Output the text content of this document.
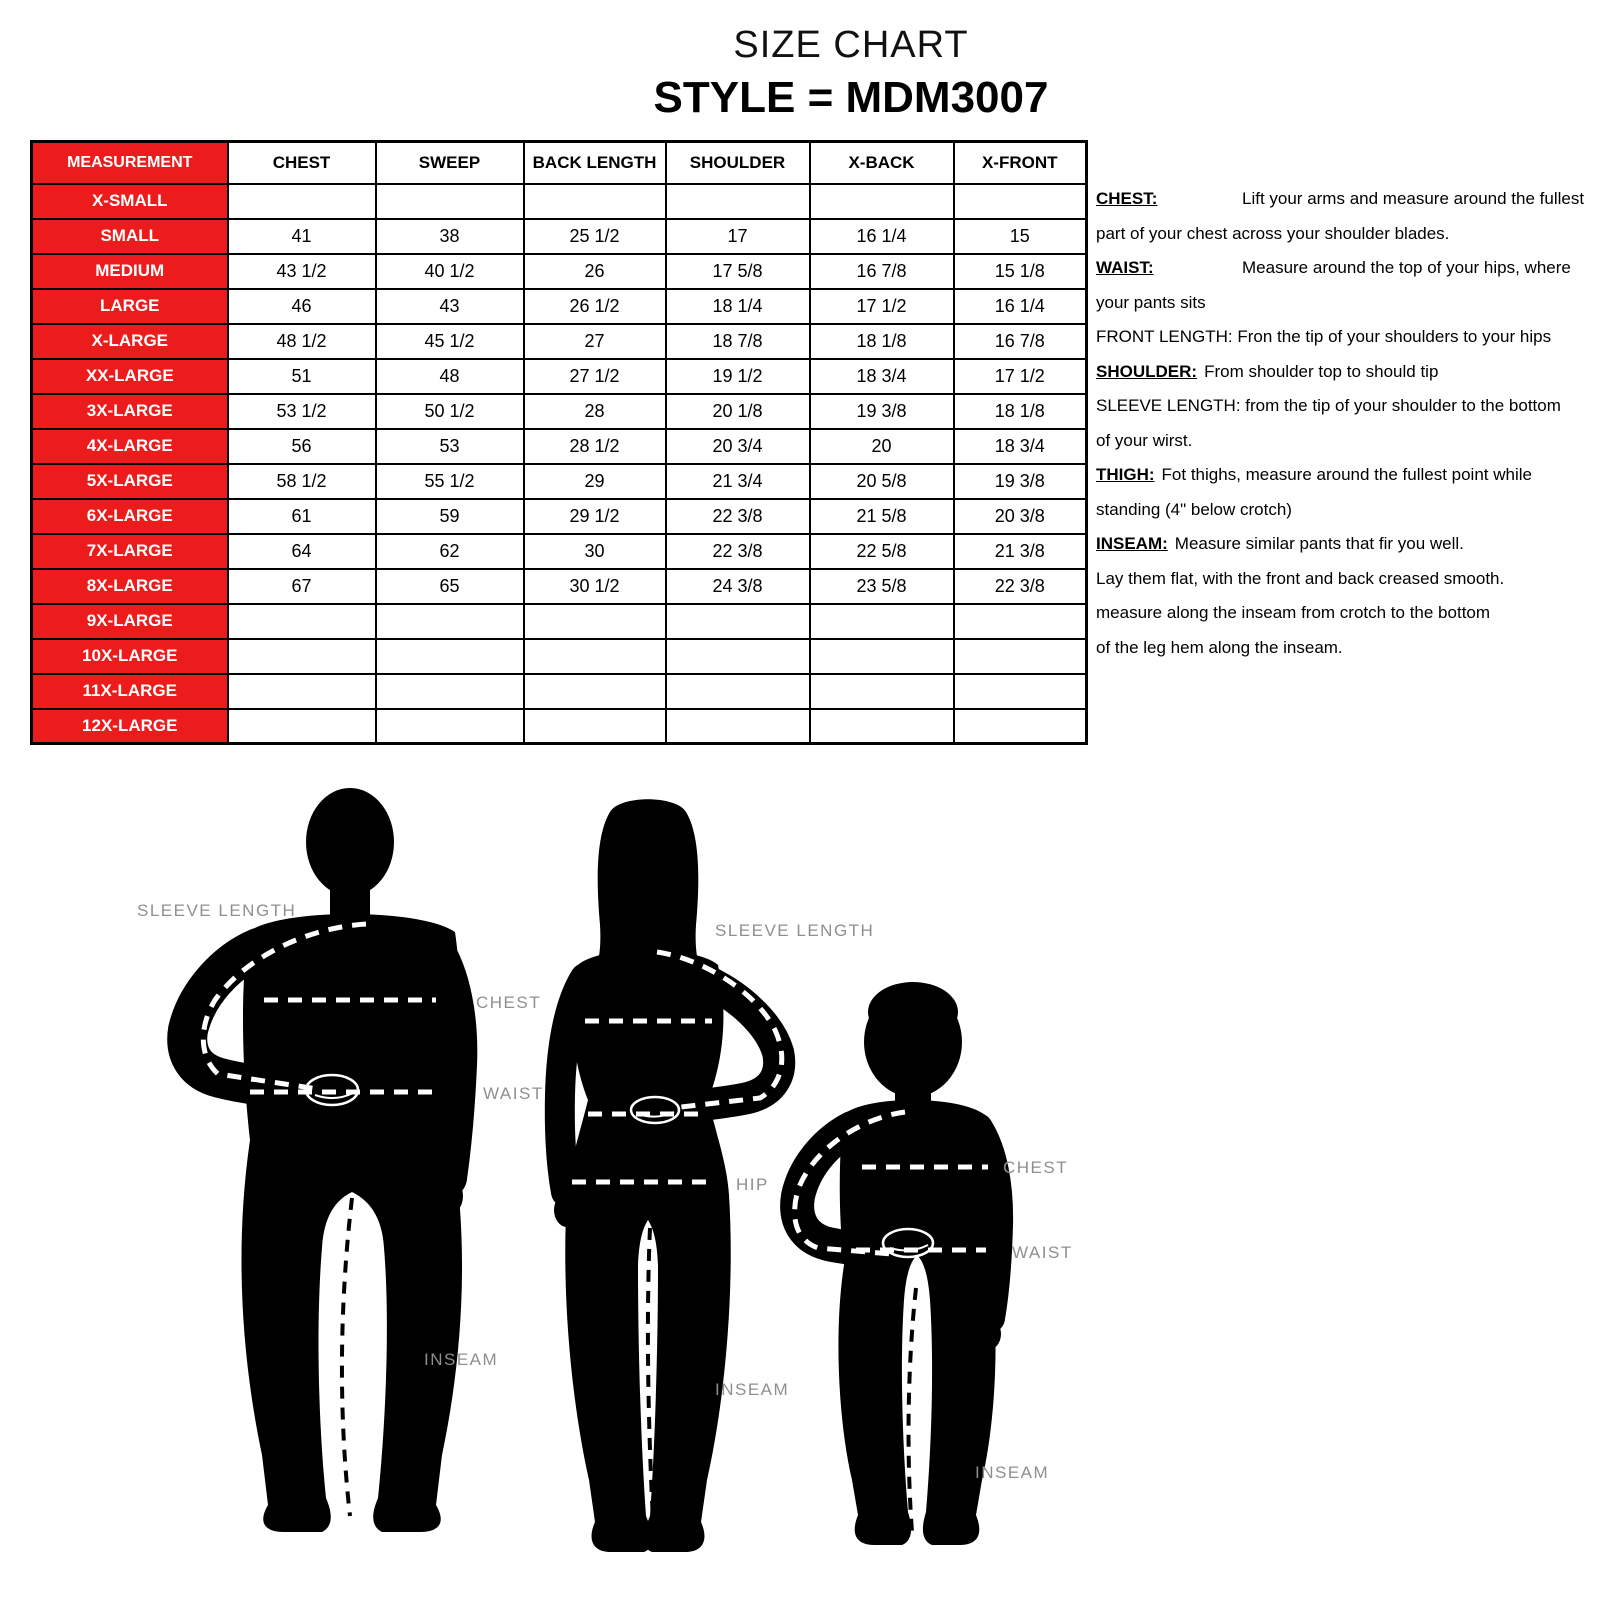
SIZE CHART
STYLE = MDM3007
MEASUREMENT	CHEST	SWEEP	BACK LENGTH	SHOULDER	X-BACK	X-FRONT
X-SMALL						
SMALL	41	38	25 1/2	17	16 1/4	15
MEDIUM	43 1/2	40 1/2	26	17 5/8	16 7/8	15 1/8
LARGE	46	43	26 1/2	18 1/4	17 1/2	16 1/4
X-LARGE	48 1/2	45 1/2	27	18 7/8	18 1/8	16 7/8
XX-LARGE	51	48	27 1/2	19 1/2	18 3/4	17 1/2
3X-LARGE	53 1/2	50 1/2	28	20 1/8	19 3/8	18 1/8
4X-LARGE	56	53	28 1/2	20 3/4	20	18 3/4
5X-LARGE	58 1/2	55 1/2	29	21 3/4	20 5/8	19 3/8
6X-LARGE	61	59	29 1/2	22 3/8	21 5/8	20 3/8
7X-LARGE	64	62	30	22 3/8	22 5/8	21 3/8
8X-LARGE	67	65	30 1/2	24 3/8	23 5/8	22 3/8
9X-LARGE						
10X-LARGE						
11X-LARGE						
12X-LARGE						
CHEST:	Lift your arms and measure around the fullest
part of your chest across your shoulder blades.
WAIST:	Measure around the top of your hips, where
your pants sits
FRONT LENGTH: Fron the tip of your shoulders to your hips
SHOULDER: From shoulder top to should tip
SLEEVE LENGTH: from the tip of your shoulder to the bottom
of your wirst.
THIGH: Fot thighs, measure around the fullest point while
standing (4" below crotch)
INSEAM: Measure similar pants that fir you well.
Lay them flat, with the front and back creased smooth.
measure along the inseam from crotch to the bottom
of the leg hem along the inseam.
SLEEVE LENGTH
CHEST
WAIST
INSEAM
SLEEVE LENGTH
HIP
INSEAM
CHEST
WAIST
INSEAM
